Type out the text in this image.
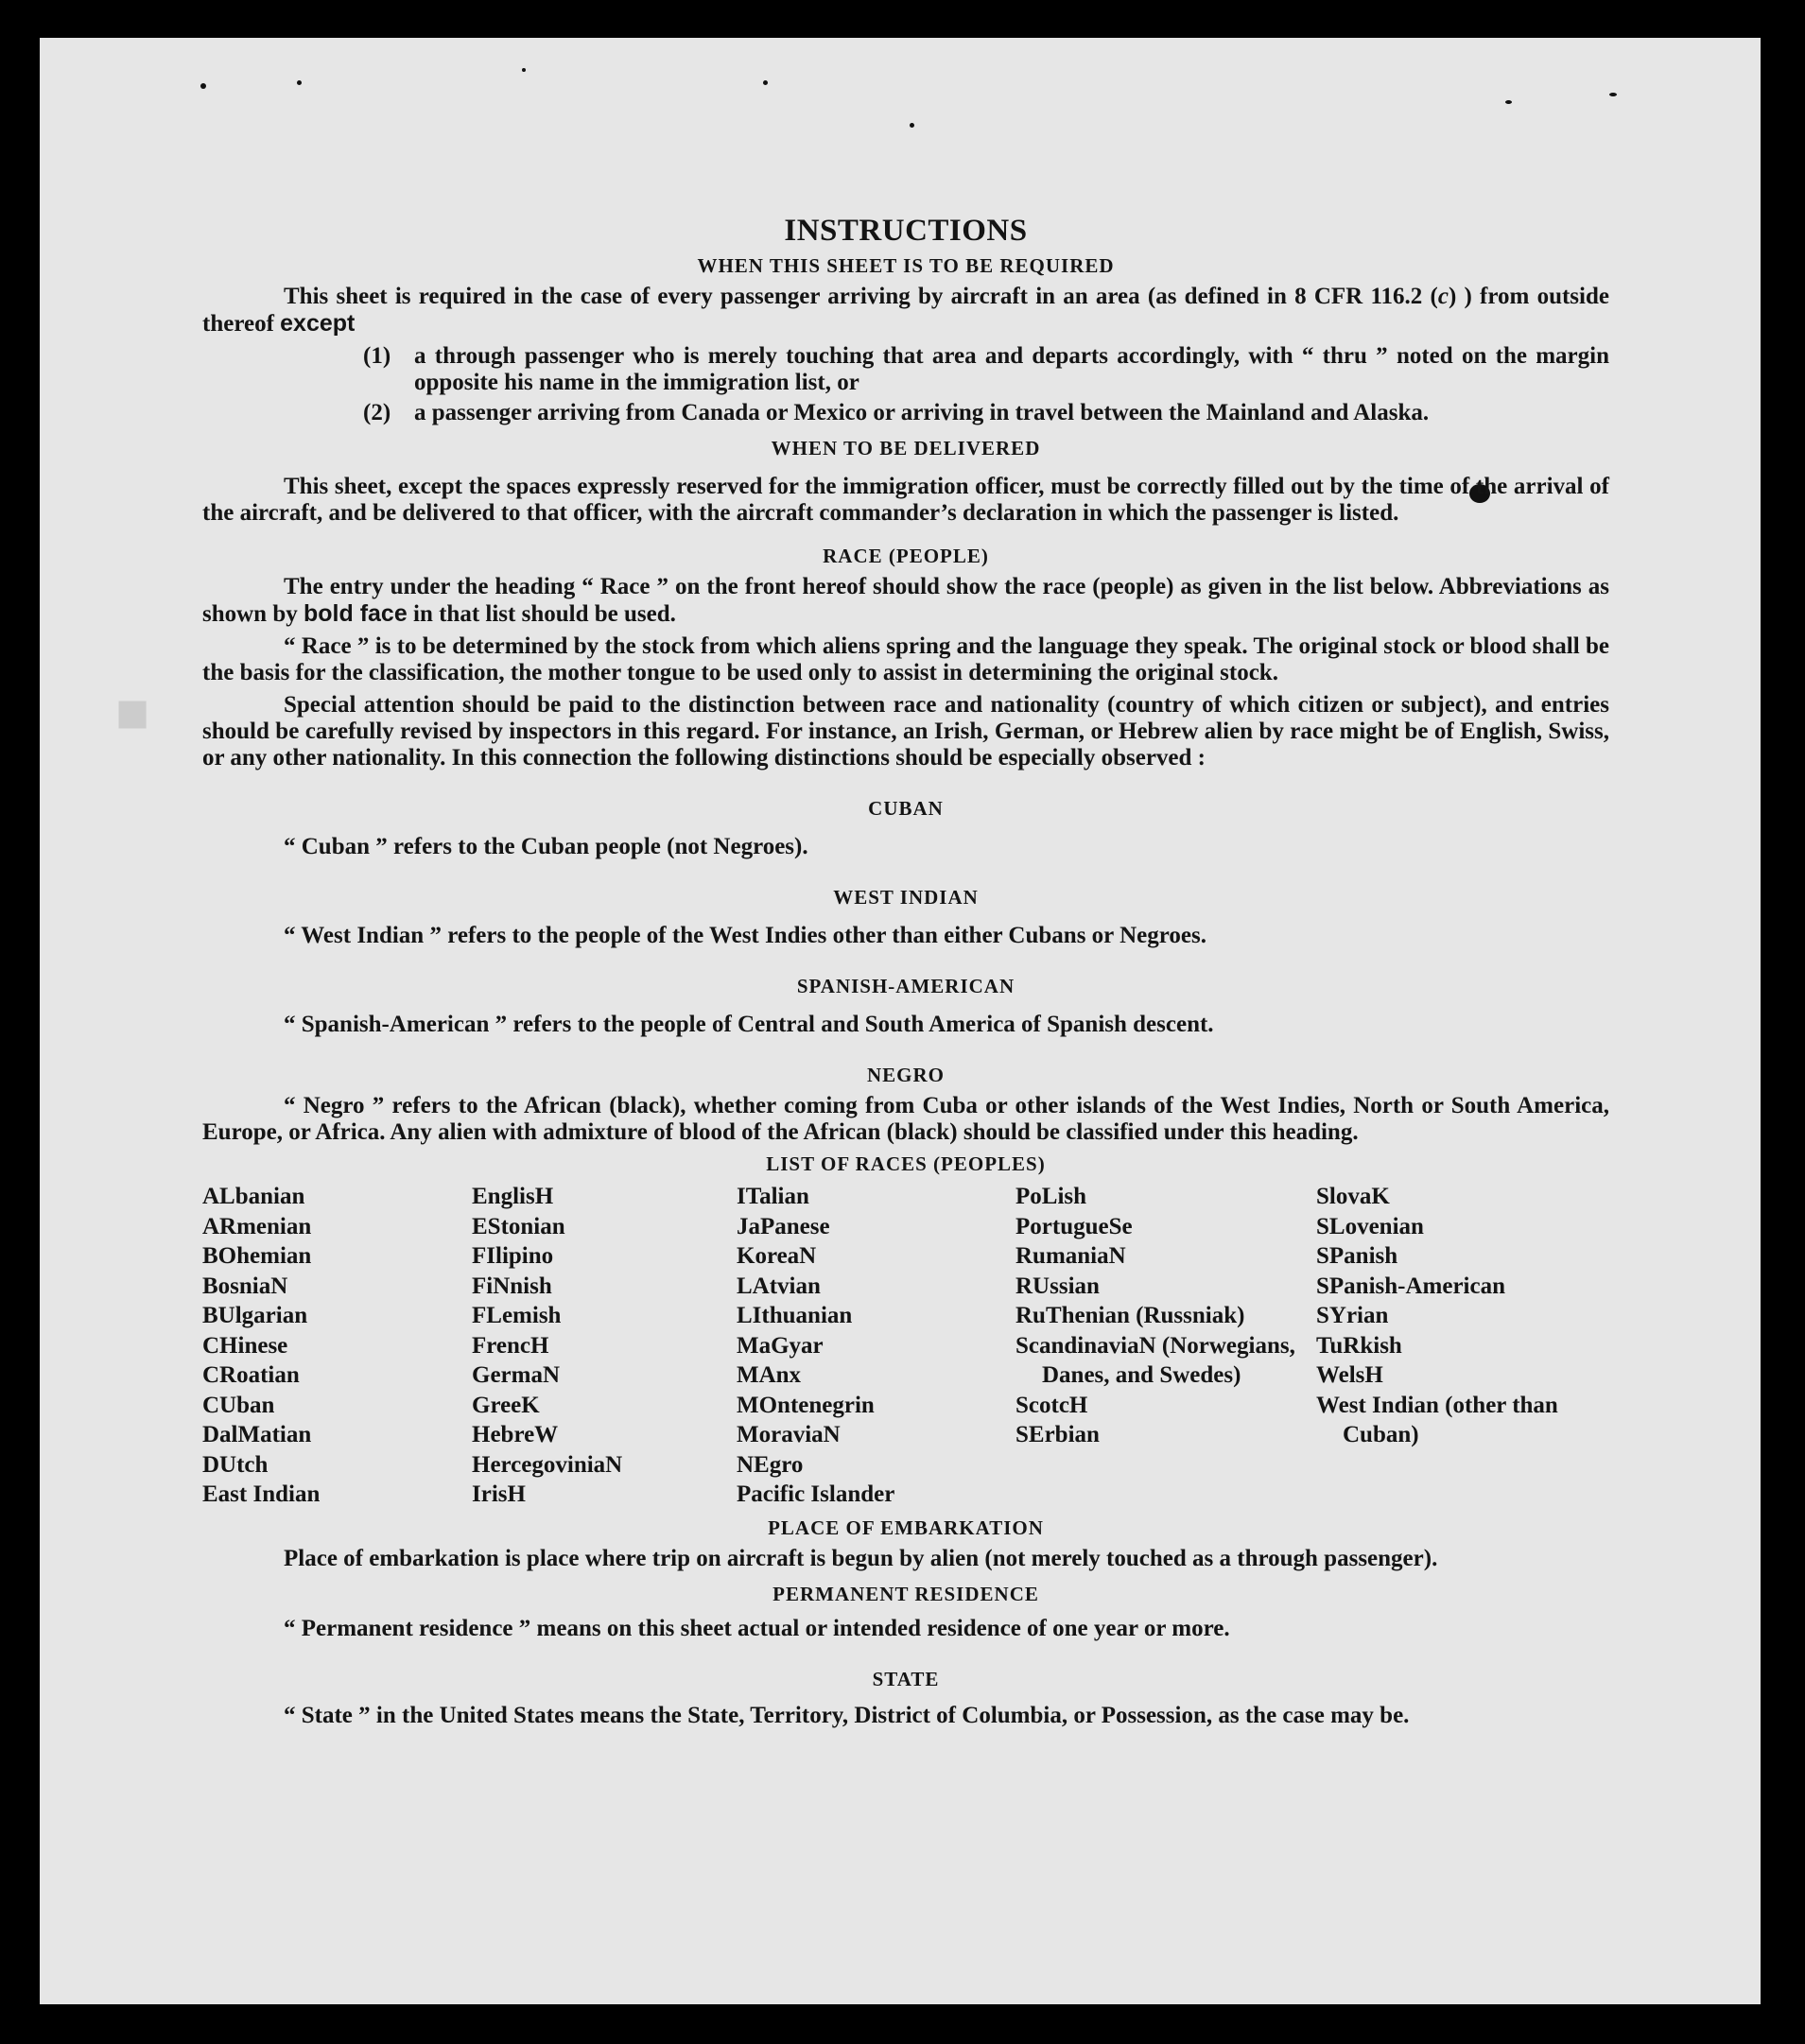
■
INSTRUCTIONS
WHEN THIS SHEET IS TO BE REQUIRED

This sheet is required in the case of every passenger arriving by aircraft in an area (as defined in 8 CFR 116.2 (c) ) from outside thereof except

(1) a through passenger who is merely touching that area and departs accordingly, with “ thru ” noted on the margin opposite his name in the immigration list, or
(2) a passenger arriving from Canada or Mexico or arriving in travel between the Mainland and Alaska.
WHEN TO BE DELIVERED

This sheet, except the spaces expressly reserved for the immigration officer, must be correctly filled out by the time of the arrival of the aircraft, and be delivered to that officer, with the aircraft commander’s declaration in which the passenger is listed.

RACE (PEOPLE)

The entry under the heading “ Race ” on the front hereof should show the race (people) as given in the list below. Abbreviations as shown by bold face in that list should be used.

“ Race ” is to be determined by the stock from which aliens spring and the language they speak. The original stock or blood shall be the basis for the classification, the mother tongue to be used only to assist in determining the original stock.

Special attention should be paid to the distinction between race and nationality (country of which citizen or subject), and entries should be carefully revised by inspectors in this regard. For instance, an Irish, German, or Hebrew alien by race might be of English, Swiss, or any other nationality. In this connection the following distinctions should be especially observed :

CUBAN

“ Cuban ” refers to the Cuban people (not Negroes).

WEST INDIAN

“ West Indian ” refers to the people of the West Indies other than either Cubans or Negroes.

SPANISH-AMERICAN

“ Spanish-American ” refers to the people of Central and South America of Spanish descent.

NEGRO

“ Negro ” refers to the African (black), whether coming from Cuba or other islands of the West Indies, North or South America, Europe, or Africa. Any alien with admixture of blood of the African (black) should be classified under this heading.

LIST OF RACES (PEOPLES)
ALbanian
ARmenian
BOhemian
BosniaN
BUlgarian
CHinese
CRoatian
CUban
DalMatian
DUtch
East Indian
EnglisH
EStonian
FIlipino
FiNnish
FLemish
FrencH
GermaN
GreeK
HebreW
HercegoviniaN
IrisH
ITalian
JaPanese
KoreaN
LAtvian
LIthuanian
MaGyar
MAnx
MOntenegrin
MoraviaN
NEgro
Pacific Islander
PoLish
PortugueSe
RumaniaN
RUssian
RuThenian (Russniak)
ScandinaviaN (Norwegians, Danes, and Swedes)
ScotcH
SErbian
SlovaK
SLovenian
SPanish
SPanish-American
SYrian
TuRkish
WelsH
West Indian (other than Cuban)
PLACE OF EMBARKATION

Place of embarkation is place where trip on aircraft is begun by alien (not merely touched as a through passenger).

PERMANENT RESIDENCE

“ Permanent residence ” means on this sheet actual or intended residence of one year or more.

STATE

“ State ” in the United States means the State, Territory, District of Columbia, or Possession, as the case may be.
